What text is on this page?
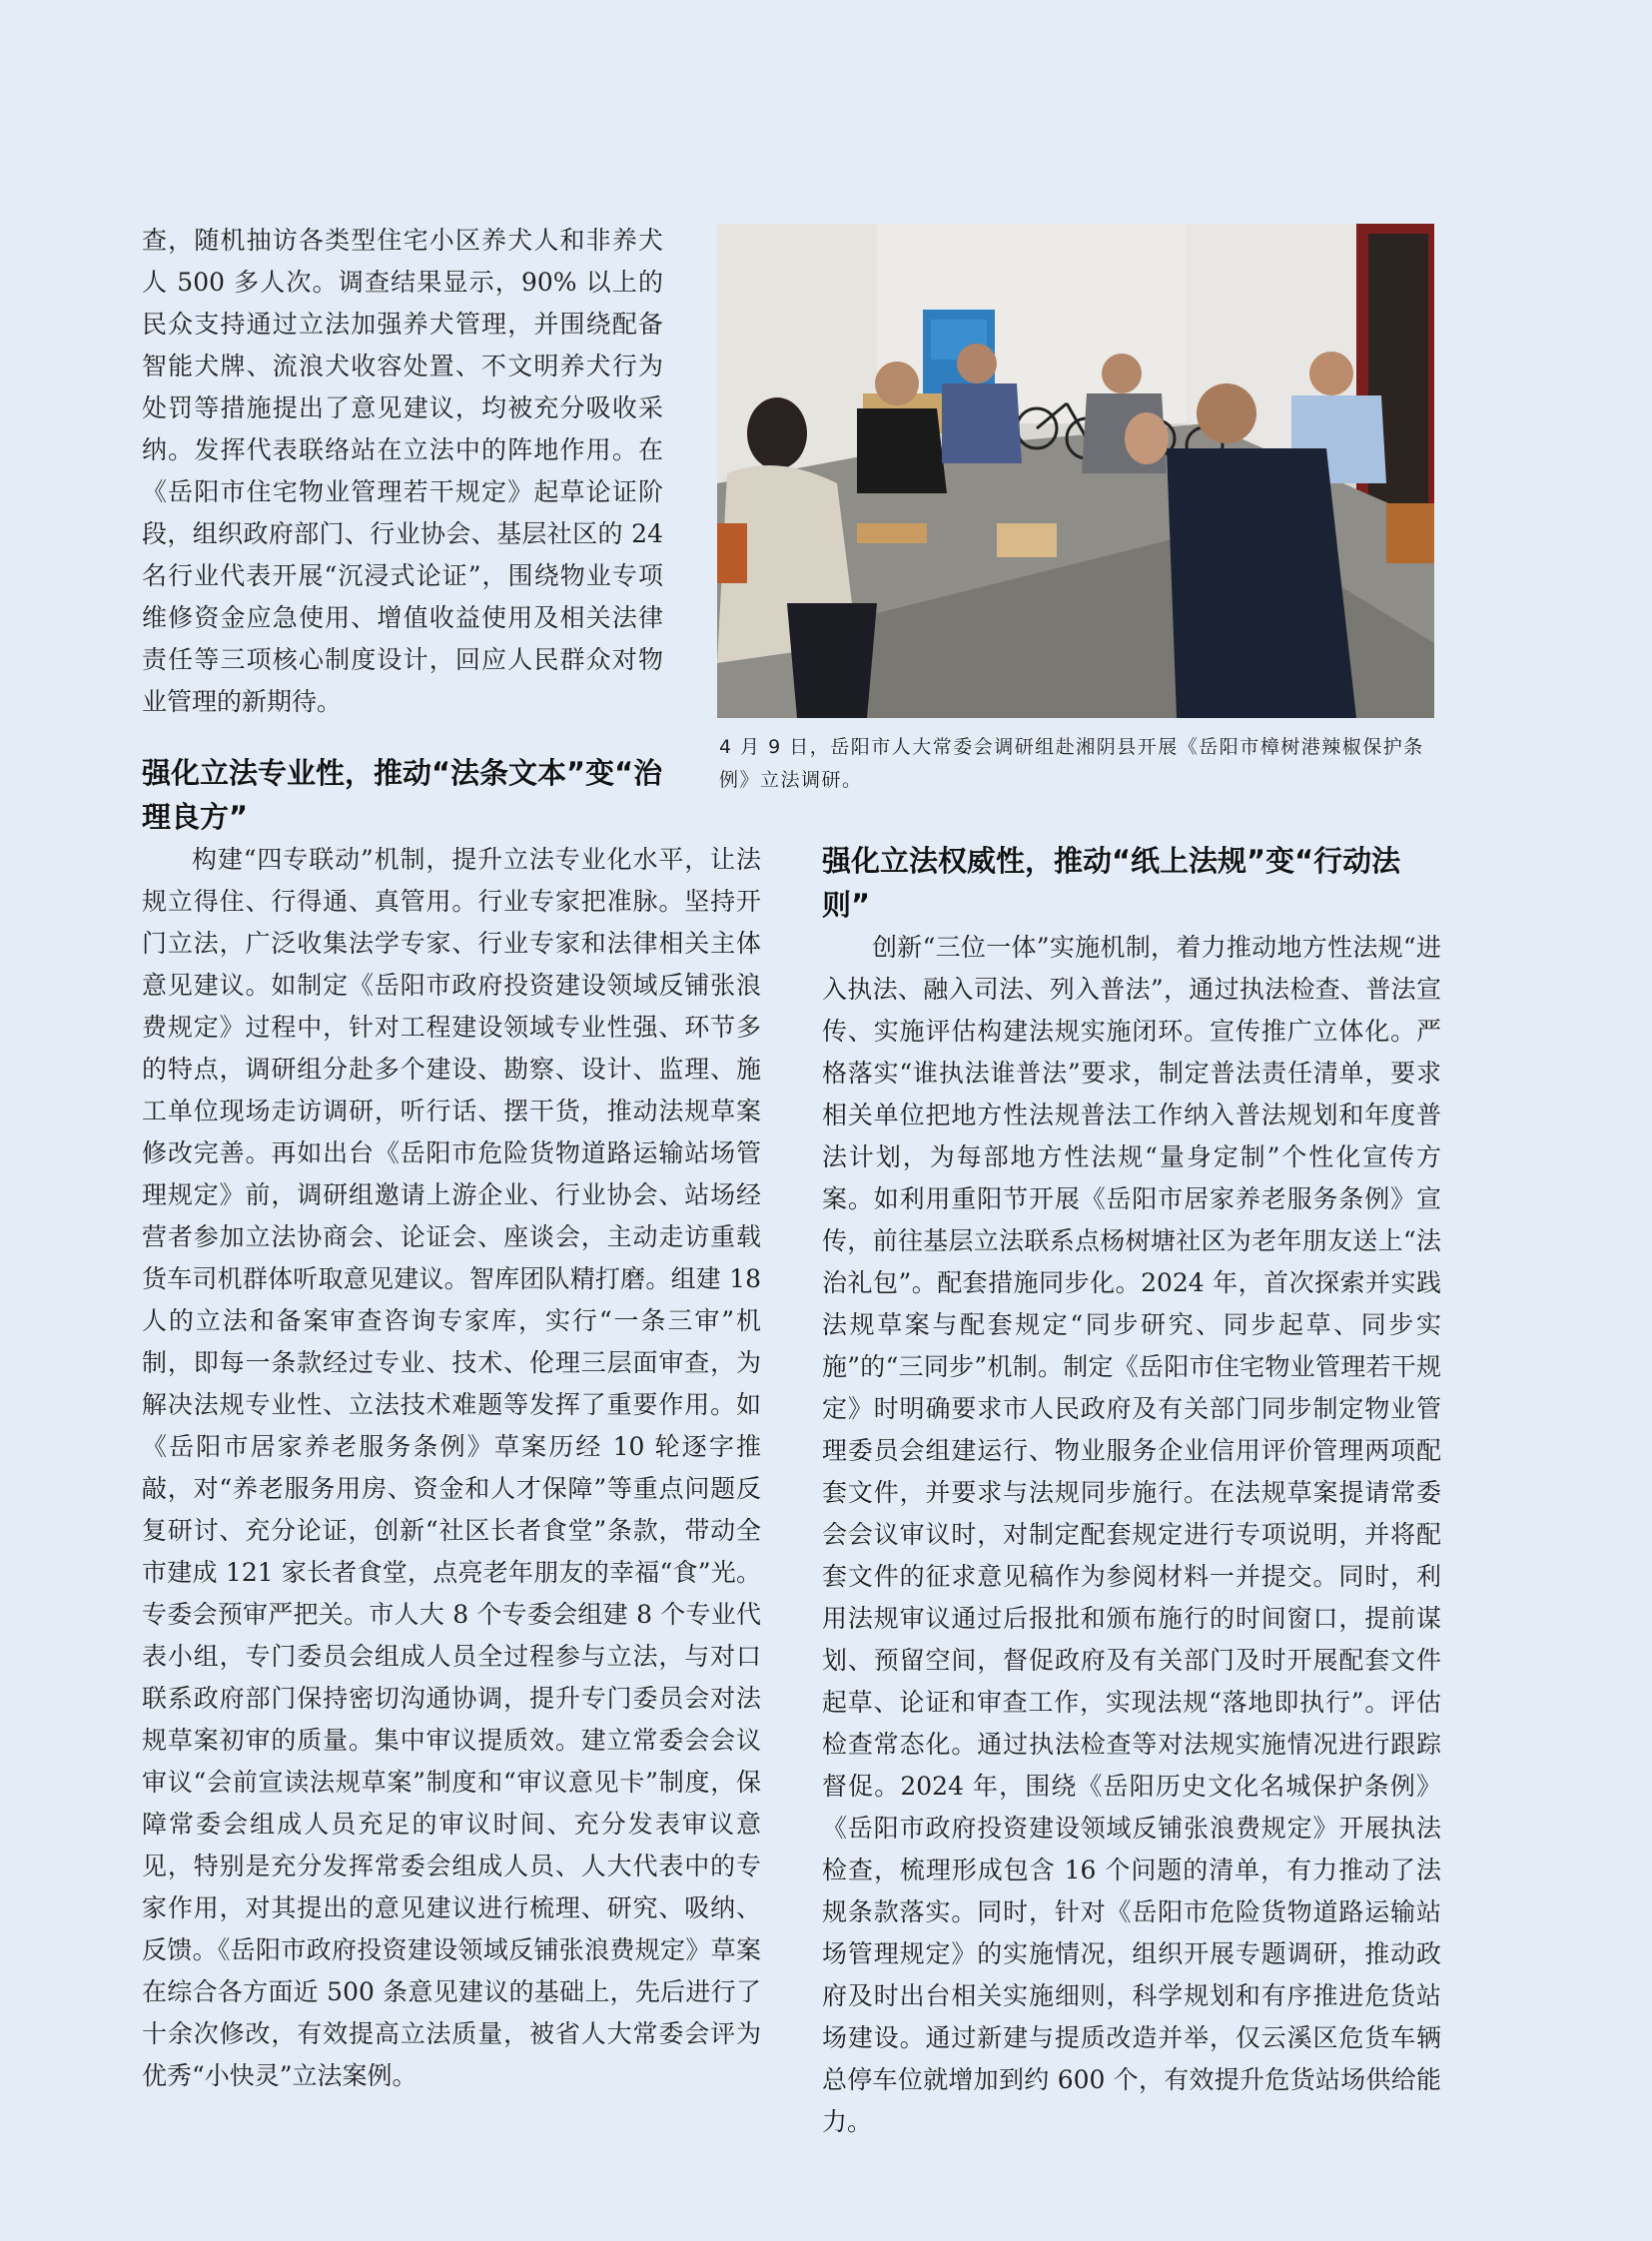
查，随机抽访各类型住宅小区养犬人和非养犬人 500 多人次。调查结果显示，90% 以上的民众支持通过立法加强养犬管理，并围绕配备智能犬牌、流浪犬收容处置、不文明养犬行为处罚等措施提出了意见建议，均被充分吸收采纳。发挥代表联络站在立法中的阵地作用。在《岳阳市住宅物业管理若干规定》起草论证阶段，组织政府部门、行业协会、基层社区的 24 名行业代表开展“沉浸式论证”，围绕物业专项维修资金应急使用、增值收益使用及相关法律责任等三项核心制度设计，回应人民群众对物业管理的新期待。

4 月 9 日，岳阳市人大常委会调研组赴湘阴县开展《岳阳市樟树港辣椒保护条例》立法调研。

强化立法专业性，推动“法条文本”变“治理良方”

构建“四专联动”机制，提升立法专业化水平，让法规立得住、行得通、真管用。行业专家把准脉。坚持开门立法，广泛收集法学专家、行业专家和法律相关主体意见建议。如制定《岳阳市政府投资建设领域反铺张浪费规定》过程中，针对工程建设领域专业性强、环节多的特点，调研组分赴多个建设、勘察、设计、监理、施工单位现场走访调研，听行话、摆干货，推动法规草案修改完善。再如出台《岳阳市危险货物道路运输站场管理规定》前，调研组邀请上游企业、行业协会、站场经营者参加立法协商会、论证会、座谈会，主动走访重载货车司机群体听取意见建议。智库团队精打磨。组建 18 人的立法和备案审查咨询专家库，实行“一条三审”机制，即每一条款经过专业、技术、伦理三层面审查，为解决法规专业性、立法技术难题等发挥了重要作用。如《岳阳市居家养老服务条例》草案历经 10 轮逐字推敲，对“养老服务用房、资金和人才保障”等重点问题反复研讨、充分论证，创新“社区长者食堂”条款，带动全市建成 121 家长者食堂，点亮老年朋友的幸福“食”光。专委会预审严把关。市人大 8 个专委会组建 8 个专业代表小组，专门委员会组成人员全过程参与立法，与对口联系政府部门保持密切沟通协调，提升专门委员会对法规草案初审的质量。集中审议提质效。建立常委会会议审议“会前宣读法规草案”制度和“审议意见卡”制度，保障常委会组成人员充足的审议时间、充分发表审议意见，特别是充分发挥常委会组成人员、人大代表中的专家作用，对其提出的意见建议进行梳理、研究、吸纳、反馈。《岳阳市政府投资建设领域反铺张浪费规定》草案在综合各方面近 500 条意见建议的基础上，先后进行了十余次修改，有效提高立法质量，被省人大常委会评为优秀“小快灵”立法案例。

强化立法权威性，推动“纸上法规”变“行动法则”

创新“三位一体”实施机制，着力推动地方性法规“进入执法、融入司法、列入普法”，通过执法检查、普法宣传、实施评估构建法规实施闭环。宣传推广立体化。严格落实“谁执法谁普法”要求，制定普法责任清单，要求相关单位把地方性法规普法工作纳入普法规划和年度普法计划，为每部地方性法规“量身定制”个性化宣传方案。如利用重阳节开展《岳阳市居家养老服务条例》宣传，前往基层立法联系点杨树塘社区为老年朋友送上“法治礼包”。配套措施同步化。2024 年，首次探索并实践法规草案与配套规定“同步研究、同步起草、同步实施”的“三同步”机制。制定《岳阳市住宅物业管理若干规定》时明确要求市人民政府及有关部门同步制定物业管理委员会组建运行、物业服务企业信用评价管理两项配套文件，并要求与法规同步施行。在法规草案提请常委会会议审议时，对制定配套规定进行专项说明，并将配套文件的征求意见稿作为参阅材料一并提交。同时，利用法规审议通过后报批和颁布施行的时间窗口，提前谋划、预留空间，督促政府及有关部门及时开展配套文件起草、论证和审查工作，实现法规“落地即执行”。评估检查常态化。通过执法检查等对法规实施情况进行跟踪督促。2024 年，围绕《岳阳历史文化名城保护条例》《岳阳市政府投资建设领域反铺张浪费规定》开展执法检查，梳理形成包含 16 个问题的清单，有力推动了法规条款落实。同时，针对《岳阳市危险货物道路运输站场管理规定》的实施情况，组织开展专题调研，推动政府及时出台相关实施细则，科学规划和有序推进危货站场建设。通过新建与提质改造并举，仅云溪区危货车辆总停车位就增加到约 600 个，有效提升危货站场供给能力。
